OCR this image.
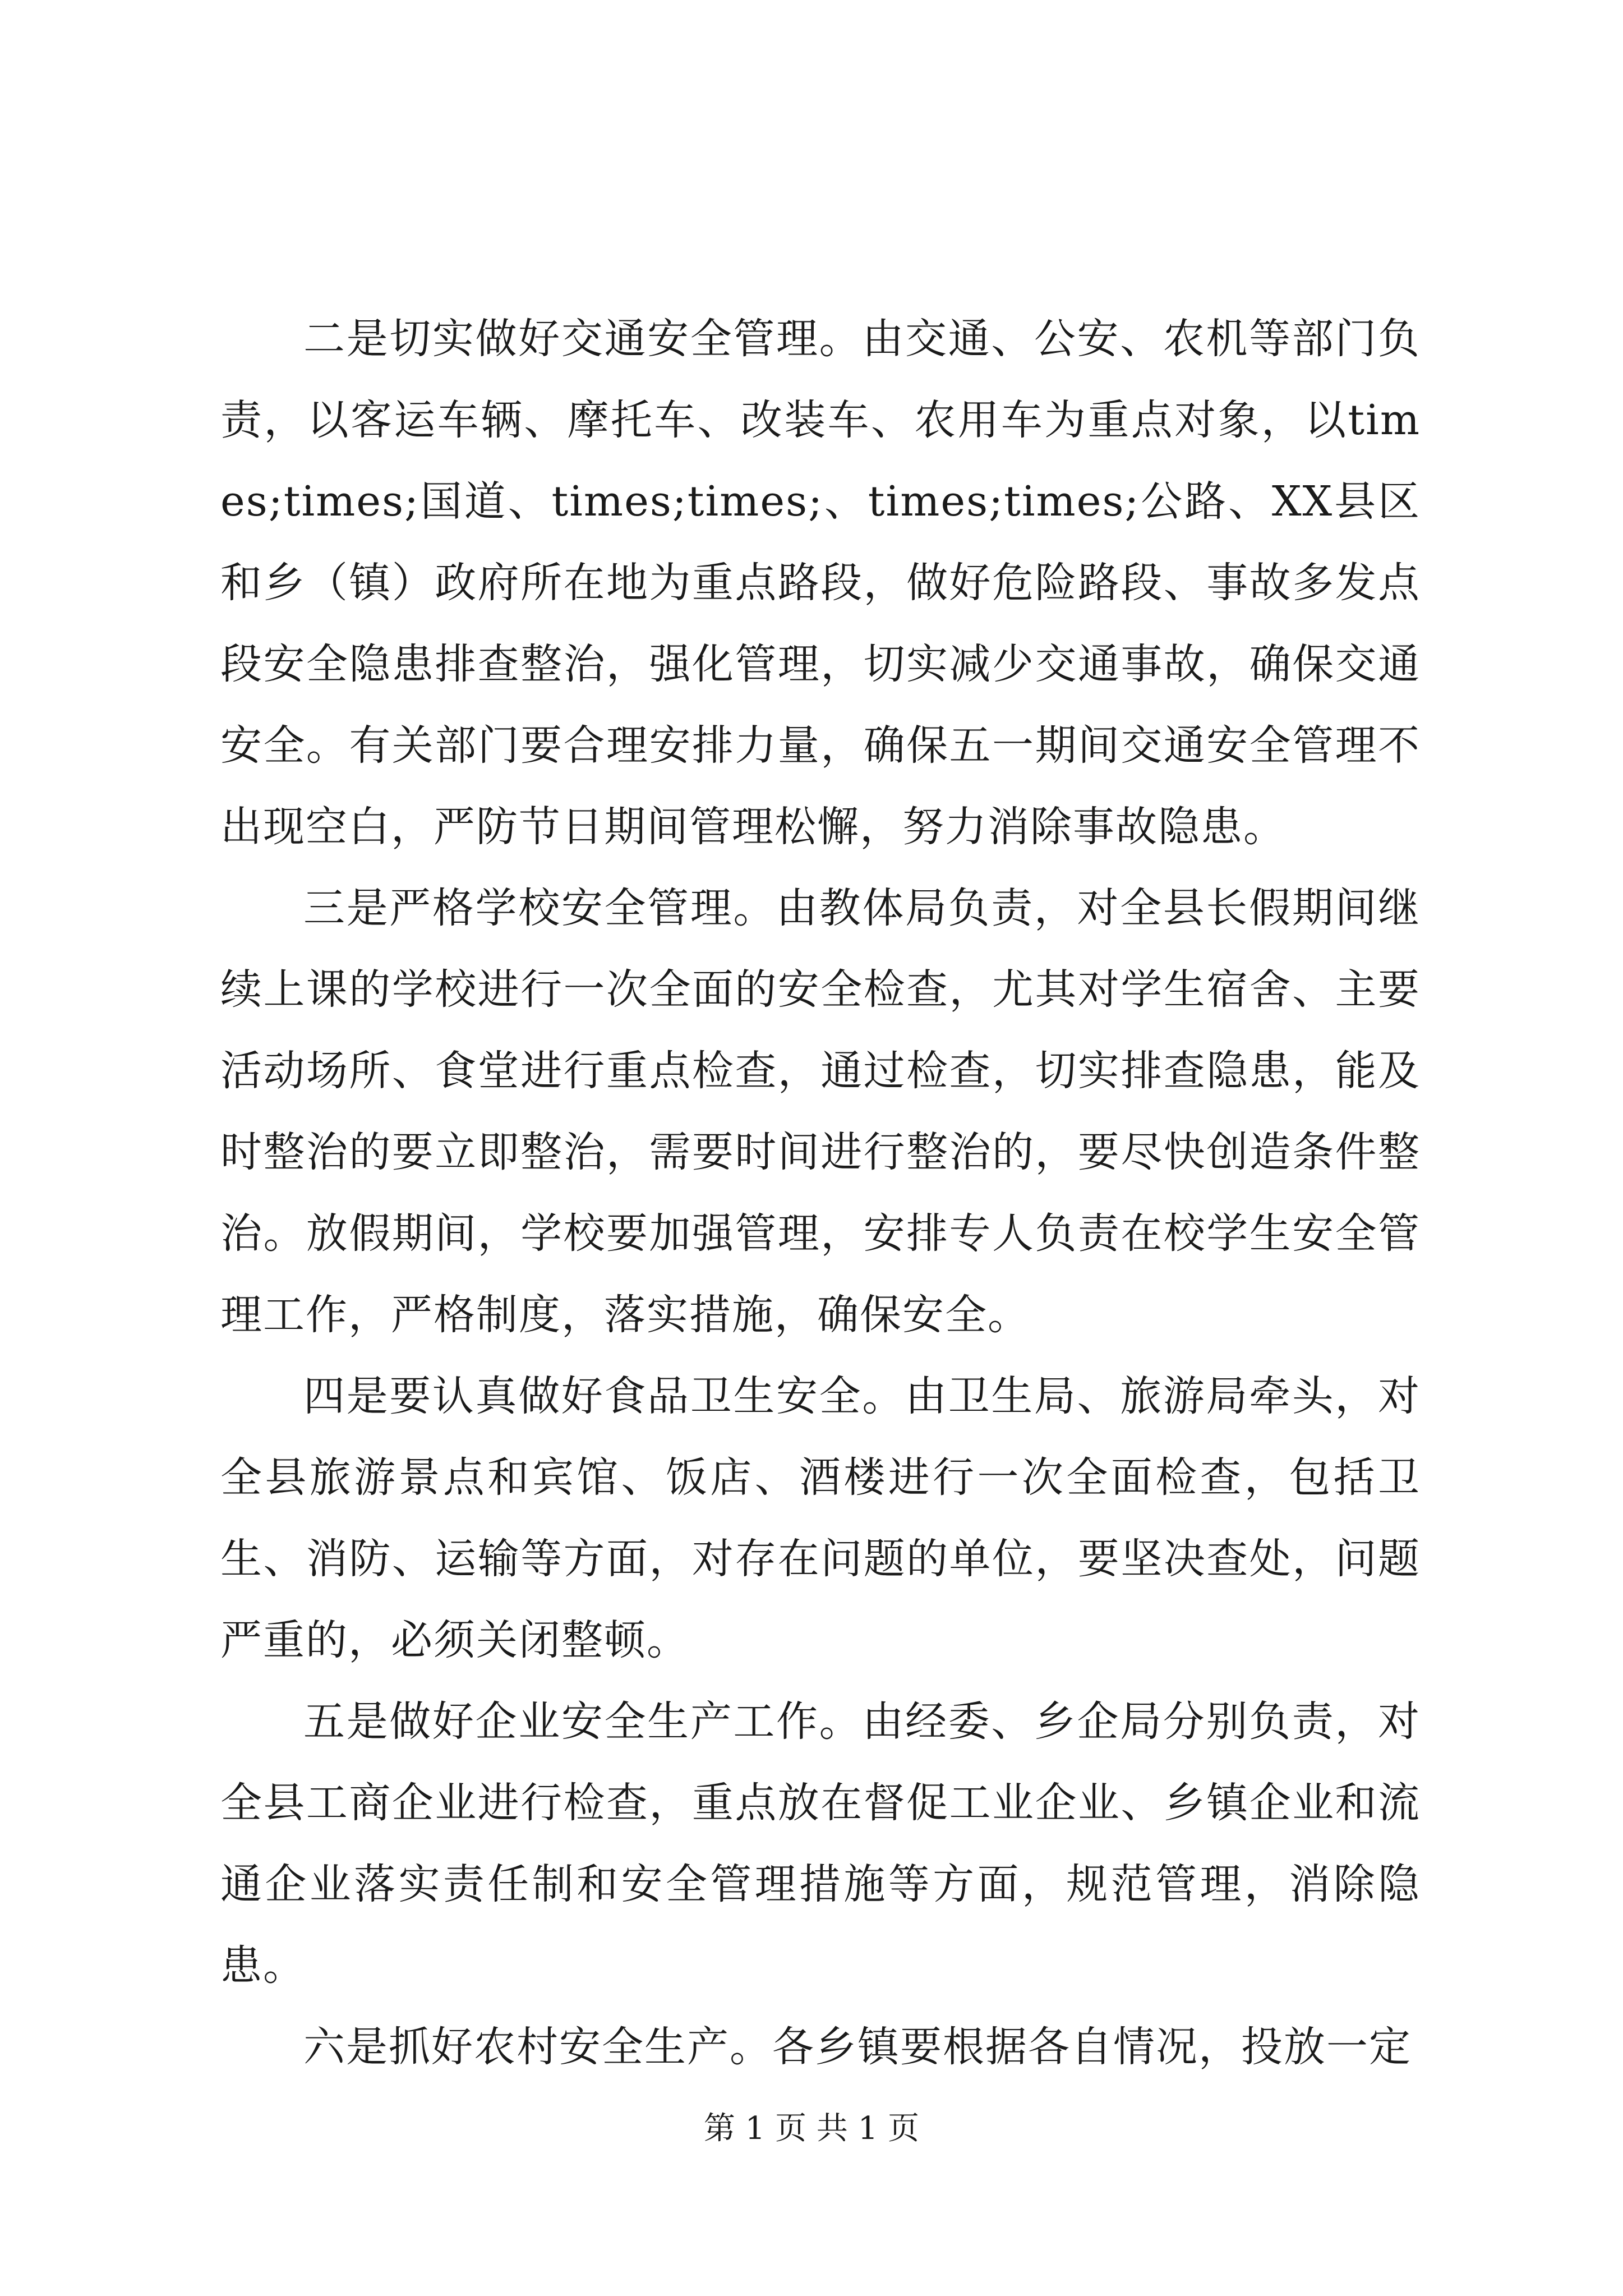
二是切实做好交通安全管理。由交通、公安、农机等部门负责，以客运车辆、摩托车、改装车、农用车为重点对象，以times;times;国道、times;times;、times;times;公路、XX县区和乡（镇）政府所在地为重点路段，做好危险路段、事故多发点段安全隐患排查整治，强化管理，切实减少交通事故，确保交通安全。有关部门要合理安排力量，确保五一期间交通安全管理不出现空白，严防节日期间管理松懈，努力消除事故隐患。

三是严格学校安全管理。由教体局负责，对全县长假期间继续上课的学校进行一次全面的安全检查，尤其对学生宿舍、主要活动场所、食堂进行重点检查，通过检查，切实排查隐患，能及时整治的要立即整治，需要时间进行整治的，要尽快创造条件整治。放假期间，学校要加强管理，安排专人负责在校学生安全管理工作，严格制度，落实措施，确保安全。

四是要认真做好食品卫生安全。由卫生局、旅游局牵头，对全县旅游景点和宾馆、饭店、酒楼进行一次全面检查，包括卫生、消防、运输等方面，对存在问题的单位，要坚决查处，问题严重的，必须关闭整顿。

五是做好企业安全生产工作。由经委、乡企局分别负责，对全县工商企业进行检查，重点放在督促工业企业、乡镇企业和流通企业落实责任制和安全管理措施等方面，规范管理，消除隐患。

六是抓好农村安全生产。各乡镇要根据各自情况，投放一定

第 1 页 共 1 页
